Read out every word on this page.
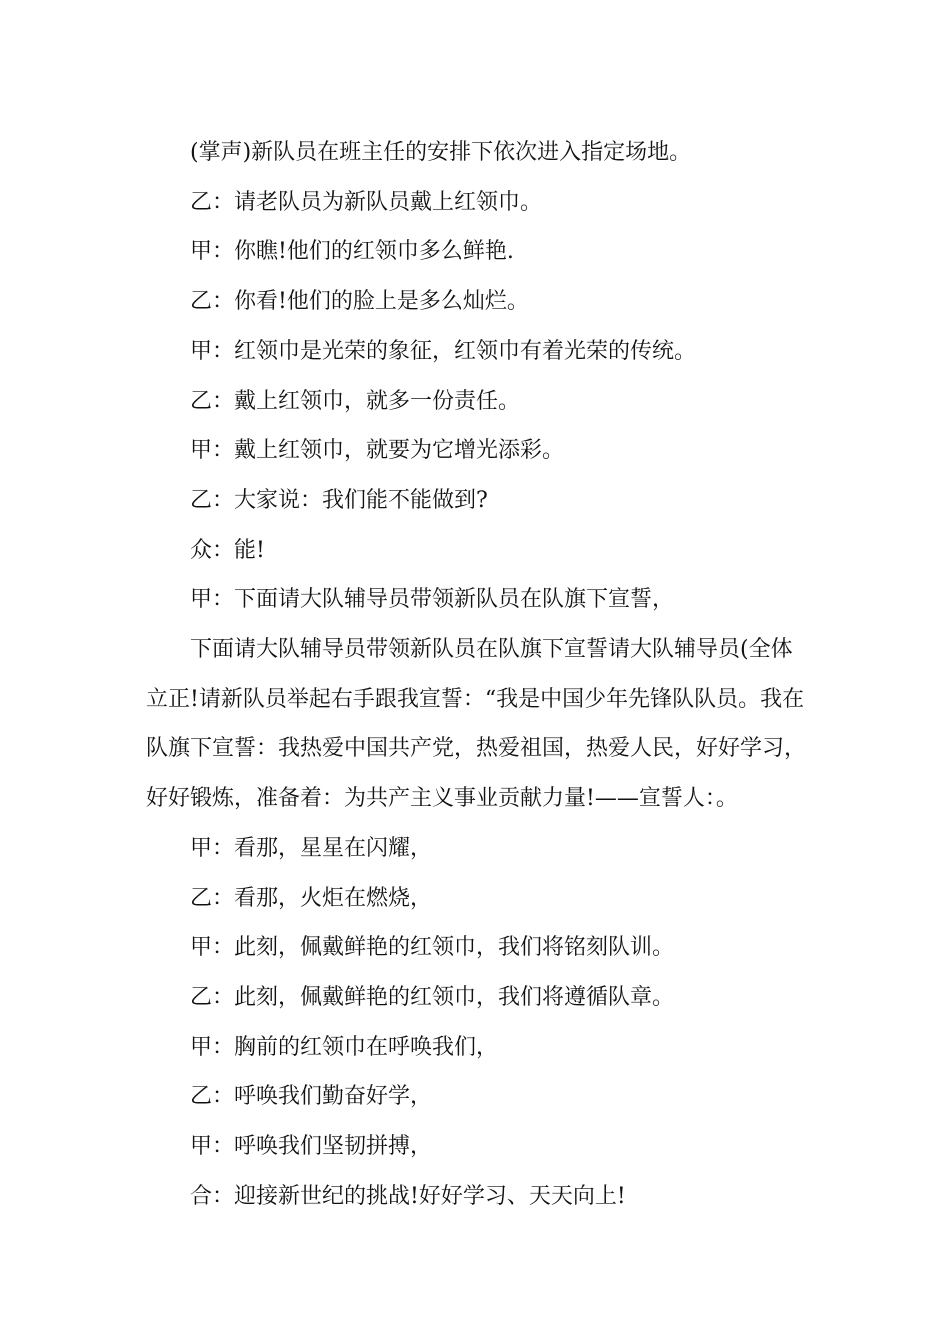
(掌声)新队员在班主任的安排下依次进入指定场地。

乙：请老队员为新队员戴上红领巾。

甲：你瞧!他们的红领巾多么鲜艳.

乙：你看!他们的脸上是多么灿烂。

甲：红领巾是光荣的象征，红领巾有着光荣的传统。

乙：戴上红领巾，就多一份责任。

甲：戴上红领巾，就要为它增光添彩。

乙：大家说：我们能不能做到?

众：能!

甲：下面请大队辅导员带领新队员在队旗下宣誓，

下面请大队辅导员带领新队员在队旗下宣誓请大队辅导员(全体立正!请新队员举起右手跟我宣誓：“我是中国少年先锋队队员。我在队旗下宣誓：我热爱中国共产党，热爱祖国，热爱人民，好好学习，好好锻炼，准备着：为共产主义事业贡献力量!——宣誓人：。

甲：看那，星星在闪耀，

乙：看那，火炬在燃烧，

甲：此刻，佩戴鲜艳的红领巾，我们将铭刻队训。

乙：此刻，佩戴鲜艳的红领巾，我们将遵循队章。

甲：胸前的红领巾在呼唤我们，

乙：呼唤我们勤奋好学，

甲：呼唤我们坚韧拼搏，

合：迎接新世纪的挑战!好好学习、天天向上!
